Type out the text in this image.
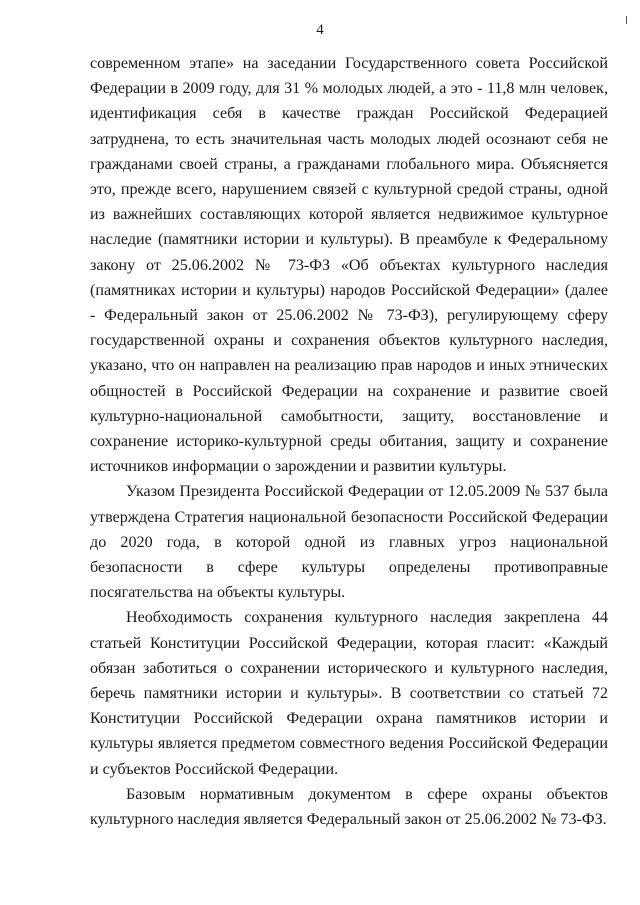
4

современном этапе» на заседании Государственного совета Российской Федерации в 2009 году, для 31 % молодых людей, а это - 11,8 млн человек, идентификация себя в качестве граждан Российской Федерацией затруднена, то есть значительная часть молодых людей осознают себя не гражданами своей страны, а гражданами глобального мира. Объясняется это, прежде всего, нарушением связей с культурной средой страны, одной из важнейших составляющих которой является недвижимое культурное наследие (памятники истории и культуры). В преамбуле к Федеральному закону от 25.06.2002 № 73-ФЗ «Об объектах культурного наследия (памятниках истории и культуры) народов Российской Федерации» (далее - Федеральный закон от 25.06.2002 № 73-ФЗ), регулирующему сферу государственной охраны и сохранения объектов культурного наследия, указано, что он направлен на реализацию прав народов и иных этнических общностей в Российской Федерации на сохранение и развитие своей культурно-национальной самобытности, защиту, восстановление и сохранение историко-культурной среды обитания, защиту и сохранение источников информации о зарождении и развитии культуры.

Указом Президента Российской Федерации от 12.05.2009 № 537 была утверждена Стратегия национальной безопасности Российской Федерации до 2020 года, в которой одной из главных угроз национальной безопасности в сфере культуры определены противоправные посягательства на объекты культуры.

Необходимость сохранения культурного наследия закреплена 44 статьей Конституции Российской Федерации, которая гласит: «Каждый обязан заботиться о сохранении исторического и культурного наследия, беречь памятники истории и культуры». В соответствии со статьей 72 Конституции Российской Федерации охрана памятников истории и культуры является предметом совместного ведения Российской Федерации и субъектов Российской Федерации.

Базовым нормативным документом в сфере охраны объектов культурного наследия является Федеральный закон от 25.06.2002 № 73-ФЗ.
